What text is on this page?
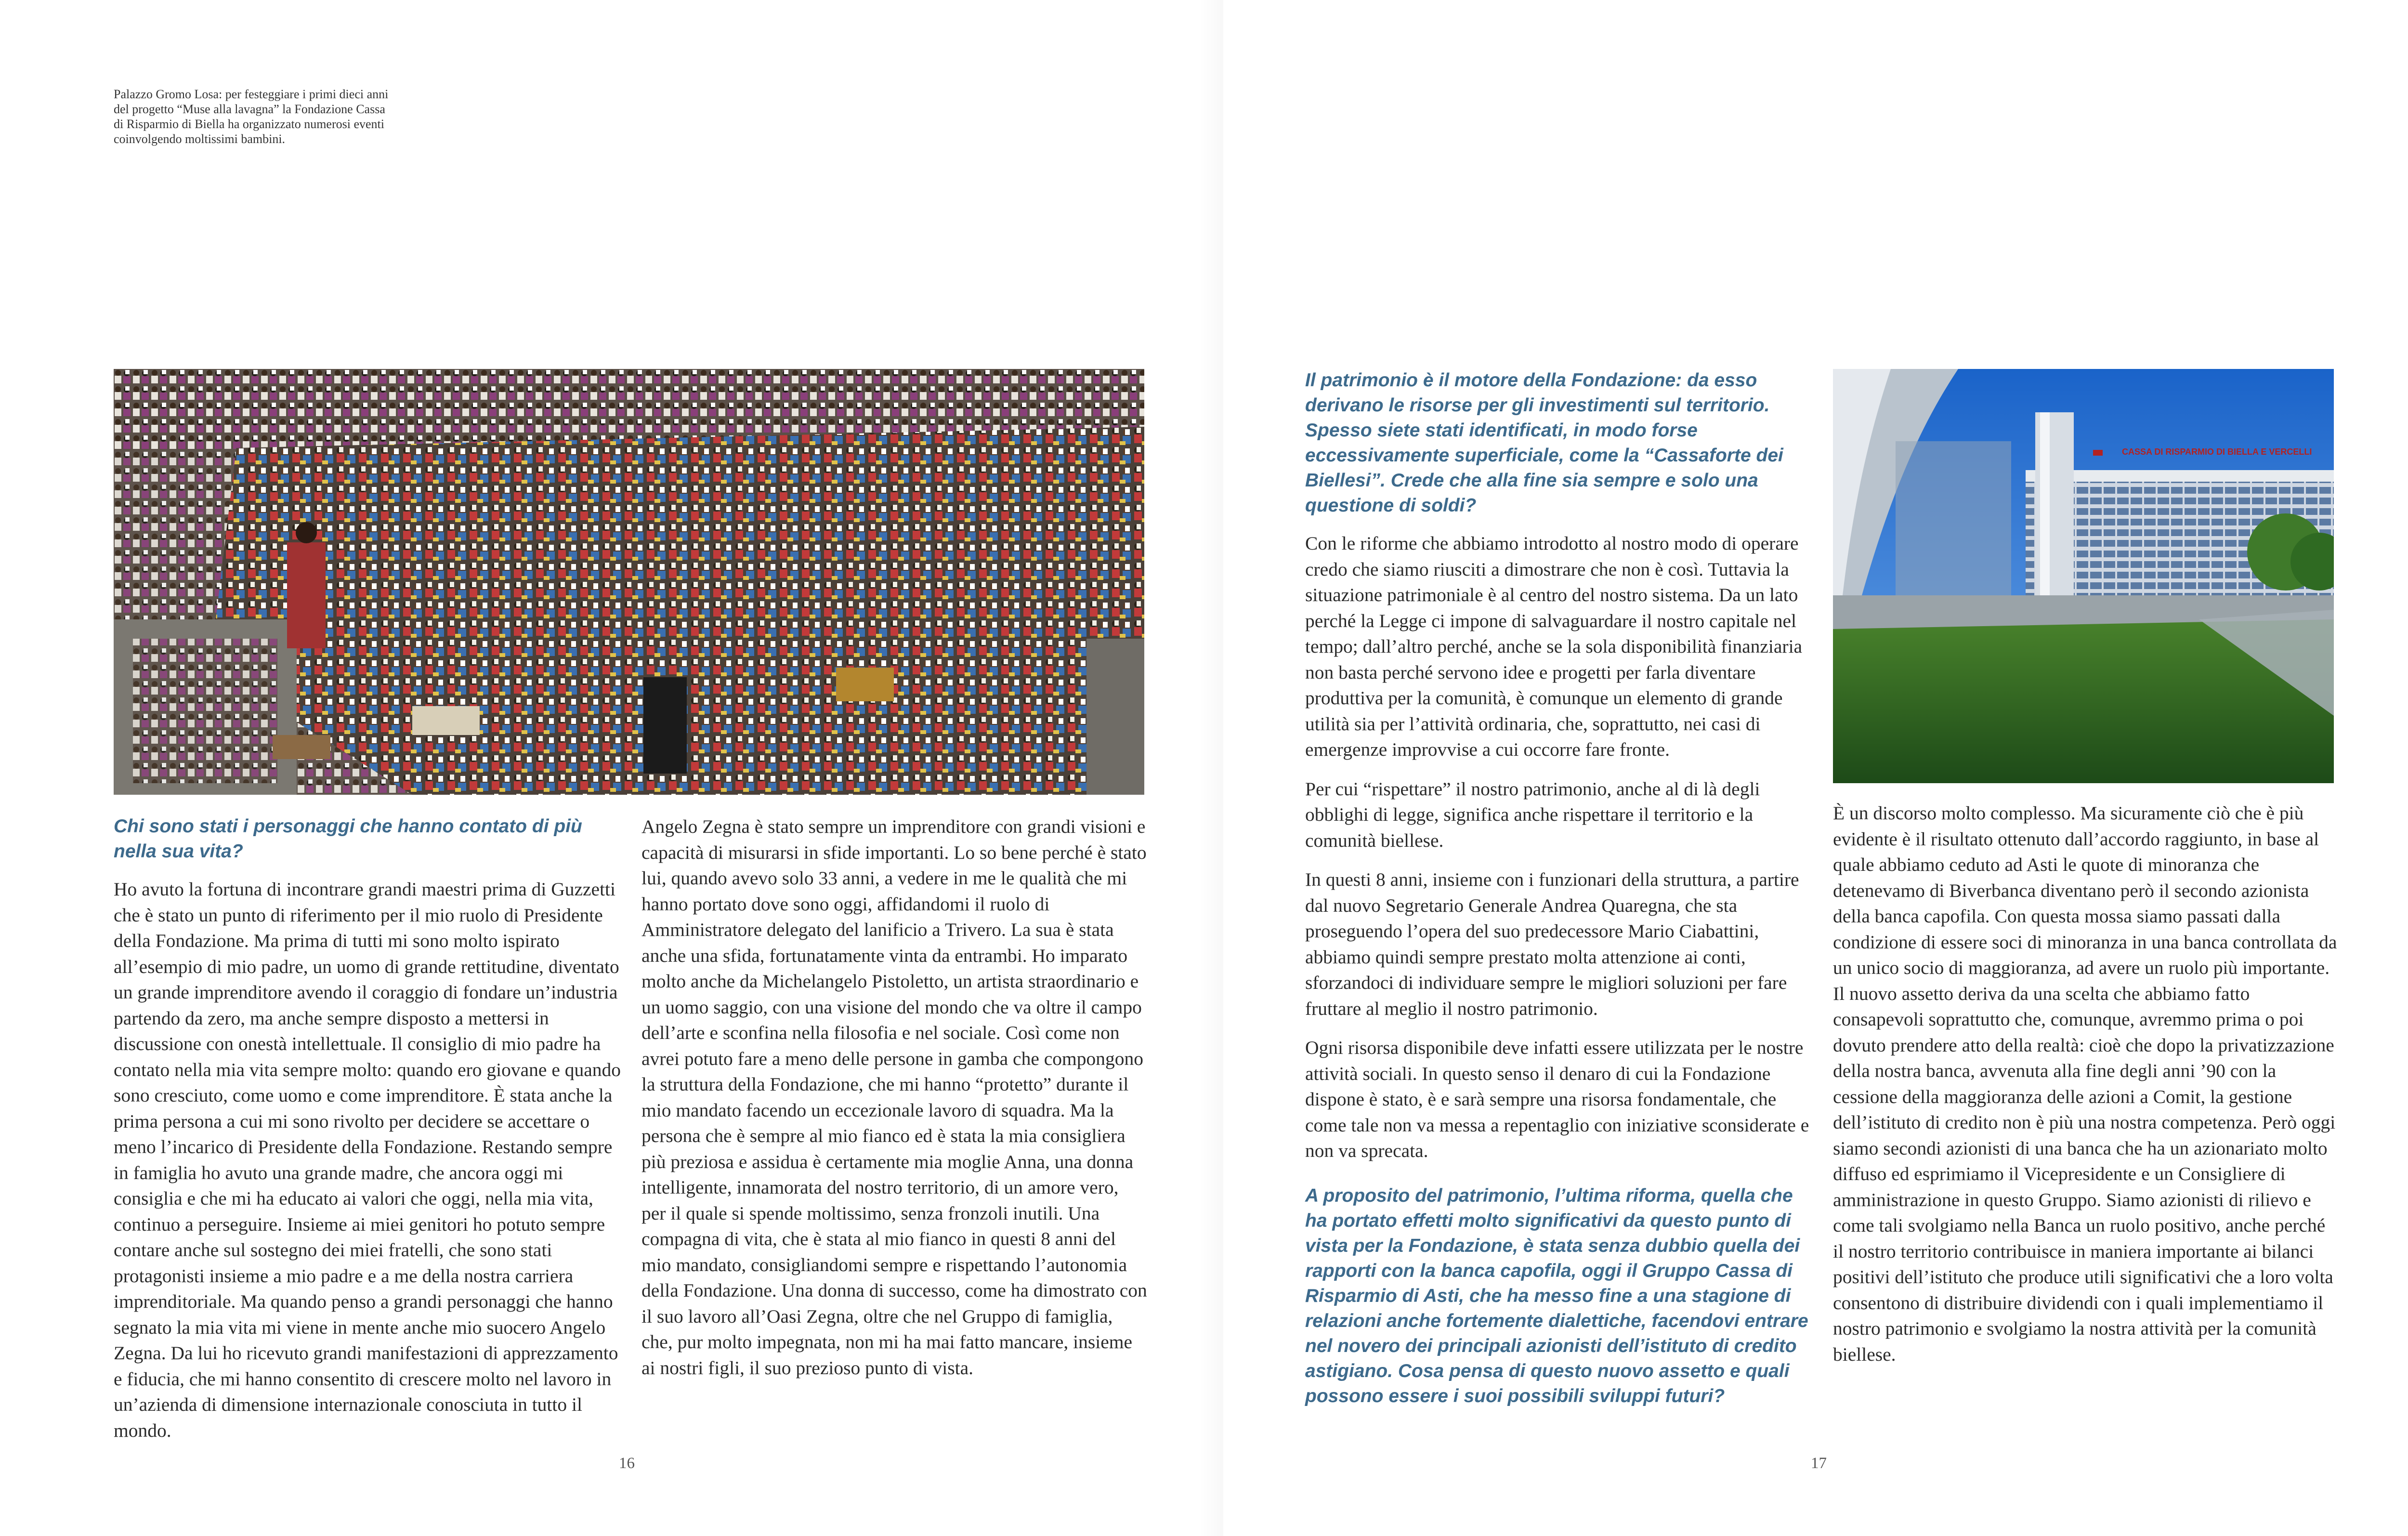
Palazzo Gromo Losa: per festeggiare i primi dieci anni del progetto “Muse alla lavagna” la Fondazione Cassa di Risparmio di Biella ha organizzato numerosi eventi coinvolgendo moltissimi bambini.
Chi sono stati i personaggi che hanno contato di più nella sua vita?

Ho avuto la fortuna di incontrare grandi maestri prima di Guzzetti che è stato un punto di riferimento per il mio ruolo di Presidente della Fondazione. Ma prima di tutti mi sono molto ispirato all’esempio di mio padre, un uomo di grande rettitudine, diventato un grande imprenditore avendo il coraggio di fondare un’industria partendo da zero, ma anche sempre disposto a mettersi in discussione con onestà intellettuale. Il consiglio di mio padre ha contato nella mia vita sempre molto: quando ero giovane e quando sono cresciuto, come uomo e come imprenditore. È stata anche la prima persona a cui mi sono rivolto per decidere se accettare o meno l’incarico di Presidente della Fondazione. Restando sempre in famiglia ho avuto una grande madre, che ancora oggi mi consiglia e che mi ha educato ai valori che oggi, nella mia vita, continuo a perseguire. Insieme ai miei genitori ho potuto sempre contare anche sul sostegno dei miei fratelli, che sono stati protagonisti insieme a mio padre e a me della nostra carriera imprenditoriale. Ma quando penso a grandi personaggi che hanno segnato la mia vita mi viene in mente anche mio suocero Angelo Zegna. Da lui ho ricevuto grandi manifestazioni di apprezzamento e fiducia, che mi hanno consentito di crescere molto nel lavoro in un’azienda di dimensione internazionale conosciuta in tutto il mondo.

Angelo Zegna è stato sempre un imprenditore con grandi visioni e capacità di misurarsi in sfide importanti. Lo so bene perché è stato lui, quando avevo solo 33 anni, a vedere in me le qualità che mi hanno portato dove sono oggi, affidandomi il ruolo di Amministratore delegato del lanificio a Trivero. La sua è stata anche una sfida, fortunatamente vinta da entrambi. Ho imparato molto anche da Michelangelo Pistoletto, un artista straordinario e un uomo saggio, con una visione del mondo che va oltre il campo dell’arte e sconfina nella filosofia e nel sociale. Così come non avrei potuto fare a meno delle persone in gamba che compongono la struttura della Fondazione, che mi hanno “protetto” durante il mio mandato facendo un eccezionale lavoro di squadra. Ma la persona che è sempre al mio fianco ed è stata la mia consigliera più preziosa e assidua è certamente mia moglie Anna, una donna intelligente, innamorata del nostro territorio, di un amore vero, per il quale si spende moltissimo, senza fronzoli inutili. Una compagna di vita, che è stata al mio fianco in questi 8 anni del mio mandato, consigliandomi sempre e rispettando l’autonomia della Fondazione. Una donna di successo, come ha dimostrato con il suo lavoro all’Oasi Zegna, oltre che nel Gruppo di famiglia, che, pur molto impegnata, non mi ha mai fatto mancare, insieme ai nostri figli, il suo prezioso punto di vista.

16
Il patrimonio è il motore della Fondazione: da esso derivano le risorse per gli investimenti sul territorio. Spesso siete stati identificati, in modo forse eccessivamente superficiale, come la “Cassaforte dei Biellesi”. Crede che alla fine sia sempre e solo una questione di soldi?

Con le riforme che abbiamo introdotto al nostro modo di operare credo che siamo riusciti a dimostrare che non è così. Tuttavia la situazione patrimoniale è al centro del nostro sistema. Da un lato perché la Legge ci impone di salvaguardare il nostro capitale nel tempo; dall’altro perché, anche se la sola disponibilità finanziaria non basta perché servono idee e progetti per farla diventare produttiva per la comunità, è comunque un elemento di grande utilità sia per l’attività ordinaria, che, soprattutto, nei casi di emergenze improvvise a cui occorre fare fronte.

Per cui “rispettare” il nostro patrimonio, anche al di là degli obblighi di legge, significa anche rispettare il territorio e la comunità biellese.

In questi 8 anni, insieme con i funzionari della struttura, a partire dal nuovo Segretario Generale Andrea Quaregna, che sta proseguendo l’opera del suo predecessore Mario Ciabattini, abbiamo quindi sempre prestato molta attenzione ai conti, sforzandoci di individuare sempre le migliori soluzioni per fare fruttare al meglio il nostro patrimonio.

Ogni risorsa disponibile deve infatti essere utilizzata per le nostre attività sociali. In questo senso il denaro di cui la Fondazione dispone è stato, è e sarà sempre una risorsa fondamentale, che come tale non va messa a repentaglio con iniziative sconsiderate e non va sprecata.

A proposito del patrimonio, l’ultima riforma, quella che ha portato effetti molto significativi da questo punto di vista per la Fondazione, è stata senza dubbio quella dei rapporti con la banca capofila, oggi il Gruppo Cassa di Risparmio di Asti, che ha messo fine a una stagione di relazioni anche fortemente dialettiche, facendovi entrare nel novero dei principali azionisti dell’istituto di credito astigiano. Cosa pensa di questo nuovo assetto e quali possono essere i suoi possibili sviluppi futuri?
CASSA DI RISPARMIO DI BIELLA E VERCELLI

È un discorso molto complesso. Ma sicuramente ciò che è più evidente è il risultato ottenuto dall’accordo raggiunto, in base al quale abbiamo ceduto ad Asti le quote di minoranza che detenevamo di Biverbanca diventano però il secondo azionista della banca capofila. Con questa mossa siamo passati dalla condizione di essere soci di minoranza in una banca controllata da un unico socio di maggioranza, ad avere un ruolo più importante. Il nuovo assetto deriva da una scelta che abbiamo fatto consapevoli soprattutto che, comunque, avremmo prima o poi dovuto prendere atto della realtà: cioè che dopo la privatizzazione della nostra banca, avvenuta alla fine degli anni ’90 con la cessione della maggioranza delle azioni a Comit, la gestione dell’istituto di credito non è più una nostra competenza. Però oggi siamo secondi azionisti di una banca che ha un azionariato molto diffuso ed esprimiamo il Vicepresidente e un Consigliere di amministrazione in questo Gruppo. Siamo azionisti di rilievo e come tali svolgiamo nella Banca un ruolo positivo, anche perché il nostro territorio contribuisce in maniera importante ai bilanci positivi dell’istituto che produce utili significativi che a loro volta consentono di distribuire dividendi con i quali implementiamo il nostro patrimonio e svolgiamo la nostra attività per la comunità biellese.

17
